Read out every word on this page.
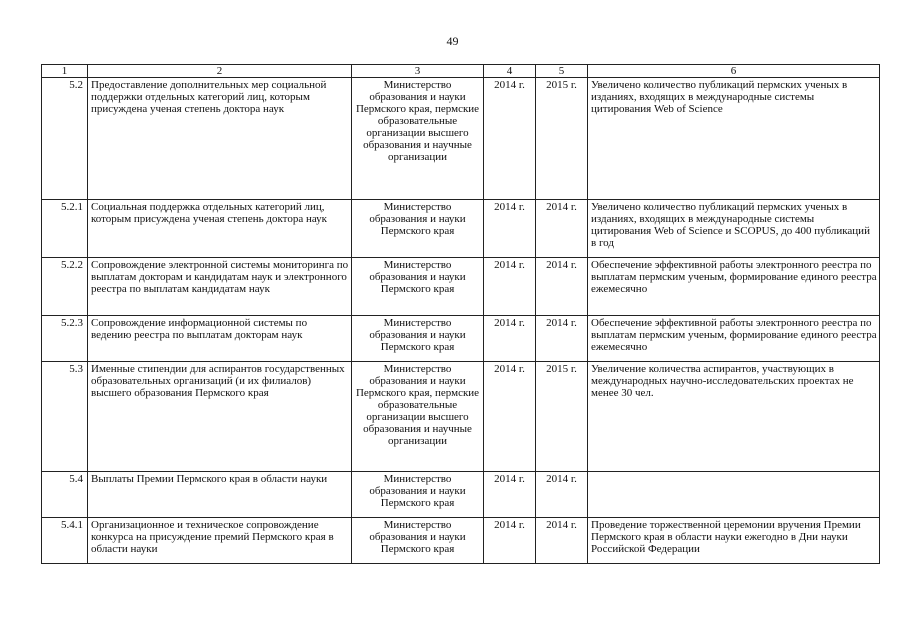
49
1	2	3	4	5	6
5.2	Предоставление дополнительных мер социальной поддержки отдельных категорий лиц, которым присуждена ученая степень доктора наук	Министерство образования и науки Пермского края, пермские образовательные организации высшего образования и научные организации	2014 г.	2015 г.	Увеличено количество публикаций пермских ученых в изданиях, входящих в международные системы цитирования Web of Science
5.2.1	Социальная поддержка отдельных категорий лиц, которым присуждена ученая степень доктора наук	Министерство образования и науки Пермского края	2014 г.	2014 г.	Увеличено количество публикаций пермских ученых в изданиях, входящих в международные системы цитирования Web of Science и SCOPUS, до 400 публикаций в год
5.2.2	Сопровождение электронной системы мониторинга по выплатам докторам и кандидатам наук и электронного реестра по выплатам кандидатам наук	Министерство образования и науки Пермского края	2014 г.	2014 г.	Обеспечение эффективной работы электронного реестра по выплатам пермским ученым, формирование единого реестра ежемесячно
5.2.3	Сопровождение информационной системы по ведению реестра по выплатам докторам наук	Министерство образования и науки Пермского края	2014 г.	2014 г.	Обеспечение эффективной работы электронного реестра по выплатам пермским ученым, формирование единого реестра ежемесячно
5.3	Именные стипендии для аспирантов государственных образовательных организаций (и их филиалов) высшего образования Пермского края	Министерство образования и науки Пермского края, пермские образовательные организации высшего образования и научные организации	2014 г.	2015 г.	Увеличение количества аспирантов, участвующих в международных научно-исследовательских проектах не менее 30 чел.
5.4	Выплаты Премии Пермского края в области науки	Министерство образования и науки Пермского края	2014 г.	2014 г.	
5.4.1	Организационное и техническое сопровождение конкурса на присуждение премий Пермского края в области науки	Министерство образования и науки Пермского края	2014 г.	2014 г.	Проведение торжественной церемонии вручения Премии Пермского края в области науки ежегодно в Дни науки Российской Федерации
